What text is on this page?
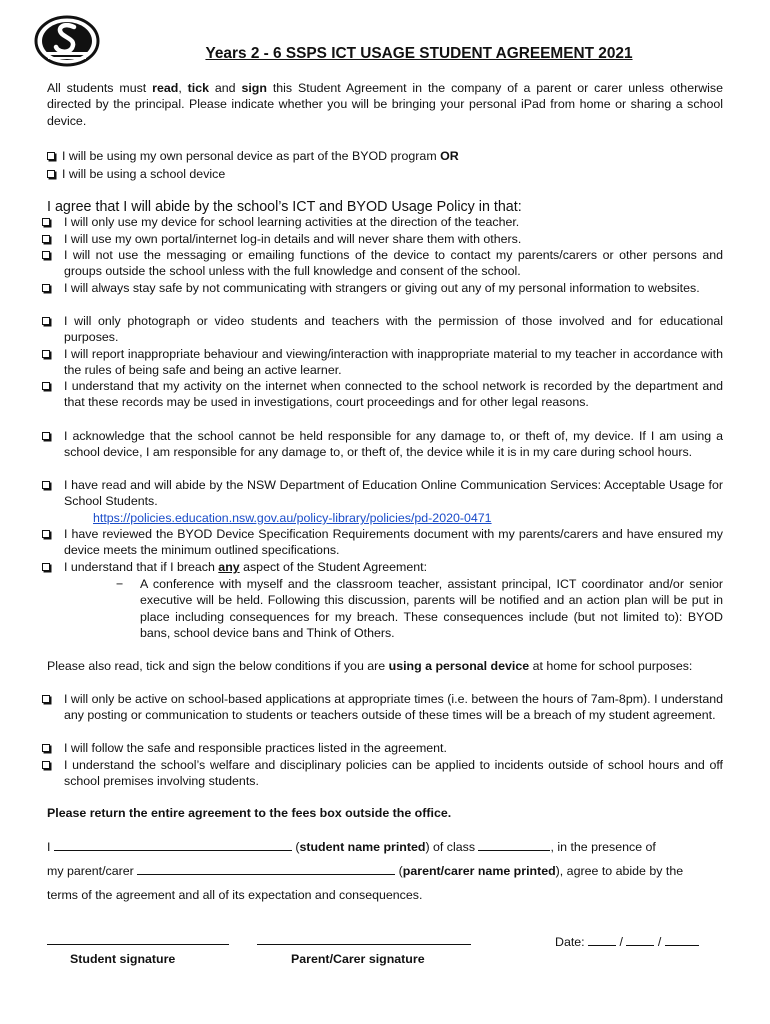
Years 2 - 6 SSPS ICT USAGE STUDENT AGREEMENT 2021
All students must read, tick and sign this Student Agreement in the company of a parent or carer unless otherwise directed by the principal. Please indicate whether you will be bringing your personal iPad from home or sharing a school device.
I will be using my own personal device as part of the BYOD program OR
I will be using a school device
I agree that I will abide by the school’s ICT and BYOD Usage Policy in that:
I will only use my device for school learning activities at the direction of the teacher.
I will use my own portal/internet log-in details and will never share them with others.
I will not use the messaging or emailing functions of the device to contact my parents/carers or other persons and groups outside the school unless with the full knowledge and consent of the school.
I will always stay safe by not communicating with strangers or giving out any of my personal information to websites.
I will only photograph or video students and teachers with the permission of those involved and for educational purposes.
I will report inappropriate behaviour and viewing/interaction with inappropriate material to my teacher in accordance with the rules of being safe and being an active learner.
I understand that my activity on the internet when connected to the school network is recorded by the department and that these records may be used in investigations, court proceedings and for other legal reasons.
I acknowledge that the school cannot be held responsible for any damage to, or theft of, my device. If I am using a school device, I am responsible for any damage to, or theft of, the device while it is in my care during school hours.
I have read and will abide by the NSW Department of Education Online Communication Services: Acceptable Usage for School Students.
https://policies.education.nsw.gov.au/policy-library/policies/pd-2020-0471
I have reviewed the BYOD Device Specification Requirements document with my parents/carers and have ensured my device meets the minimum outlined specifications.
I understand that if I breach any aspect of the Student Agreement:
− A conference with myself and the classroom teacher, assistant principal, ICT coordinator and/or senior executive will be held. Following this discussion, parents will be notified and an action plan will be put in place including consequences for my breach. These consequences include (but not limited to): BYOD bans, school device bans and Think of Others.
Please also read, tick and sign the below conditions if you are using a personal device at home for school purposes:
I will only be active on school-based applications at appropriate times (i.e. between the hours of 7am-8pm). I understand any posting or communication to students or teachers outside of these times will be a breach of my student agreement.
I will follow the safe and responsible practices listed in the agreement.
I understand the school’s welfare and disciplinary policies can be applied to incidents outside of school hours and off school premises involving students.
Please return the entire agreement to the fees box outside the office.
I	(student name printed) of class	, in the presence of
my parent/carer	(parent/carer name printed), agree to abide by the
terms of the agreement and all of its expectation and consequences.
Date:  /  /
Student signature	Parent/Carer signature
